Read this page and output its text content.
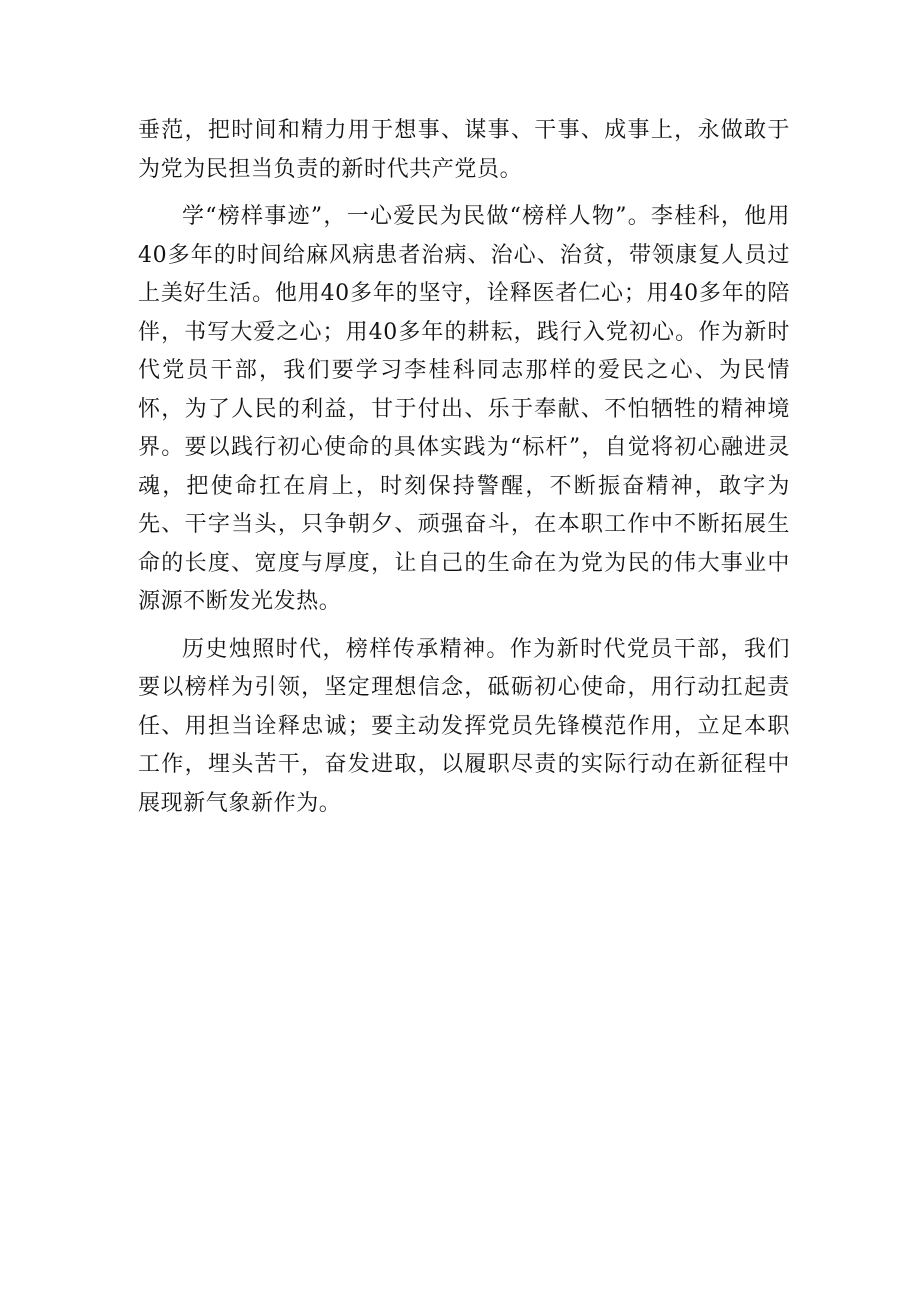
垂范，把时间和精力用于想事、谋事、干事、成事上，永做敢于为党为民担当负责的新时代共产党员。

学“榜样事迹”，一心爱民为民做“榜样人物”。李桂科，他用40多年的时间给麻风病患者治病、治心、治贫，带领康复人员过上美好生活。他用40多年的坚守，诠释医者仁心；用40多年的陪伴，书写大爱之心；用40多年的耕耘，践行入党初心。作为新时代党员干部，我们要学习李桂科同志那样的爱民之心、为民情怀，为了人民的利益，甘于付出、乐于奉献、不怕牺牲的精神境界。要以践行初心使命的具体实践为“标杆”，自觉将初心融进灵魂，把使命扛在肩上，时刻保持警醒，不断振奋精神，敢字为先、干字当头，只争朝夕、顽强奋斗，在本职工作中不断拓展生命的长度、宽度与厚度，让自己的生命在为党为民的伟大事业中源源不断发光发热。

历史烛照时代，榜样传承精神。作为新时代党员干部，我们要以榜样为引领，坚定理想信念，砥砺初心使命，用行动扛起责任、用担当诠释忠诚；要主动发挥党员先锋模范作用，立足本职工作，埋头苦干，奋发进取，以履职尽责的实际行动在新征程中展现新气象新作为。
